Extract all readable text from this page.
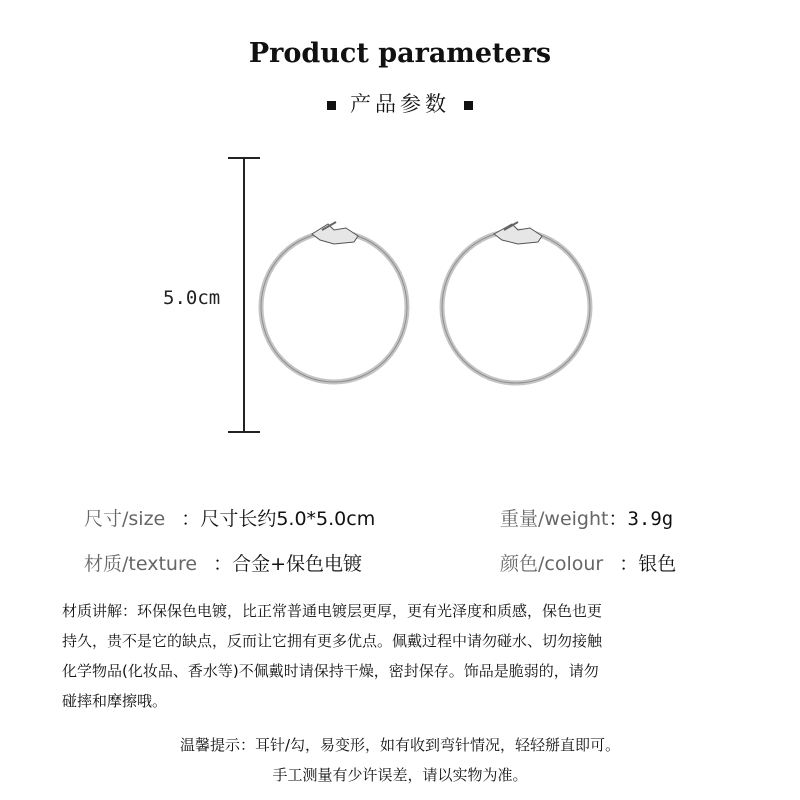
Product parameters
产品参数
5.0cm
尺寸/size ：尺寸长约5.0*5.0cm	重量/weight：3.9g
材质/texture ：合金+保色电镀	颜色/colour ：银色

材质讲解：环保保色电镀，比正常普通电镀层更厚，更有光泽度和质感，保色也更

持久，贵不是它的缺点，反而让它拥有更多优点。佩戴过程中请勿碰水、切勿接触

化学物品(化妆品、香水等)不佩戴时请保持干燥，密封保存。饰品是脆弱的，请勿

碰摔和摩擦哦。

温馨提示：耳针/勾，易变形，如有收到弯针情况，轻轻掰直即可。
手工测量有少许误差，请以实物为准。
